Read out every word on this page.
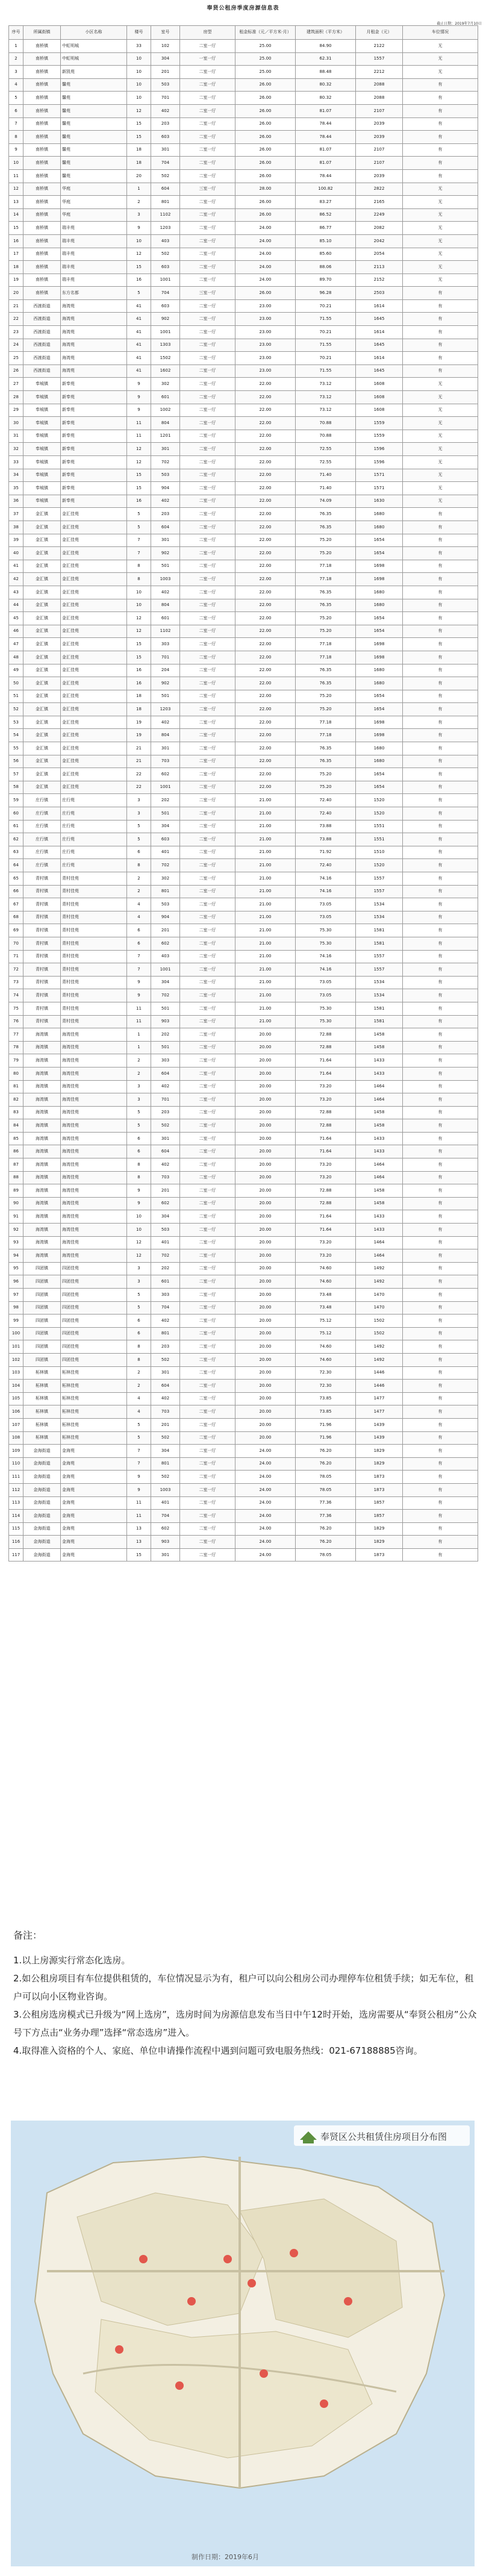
奉贤公租房季度房源信息表
截止日期：2019年7月10日
序号	所属街镇	小区名称	楼号	室号	房型	租金标准（元／平方米·月）	建筑面积（平方米）	月租金（元）	车位情况
1	南桥镇	中虹明城	33	102	二室一厅	25.00	84.90	2122	无
2	南桥镇	中虹明城	10	304	一室一厅	25.00	62.31	1557	无
3	南桥镇	新凯苑	10	201	二室一厅	25.00	88.48	2212	无
4	南桥镇	馨苑	10	503	二室一厅	26.00	80.32	2088	有
5	南桥镇	馨苑	10	701	二室一厅	26.00	80.32	2088	有
6	南桥镇	馨苑	12	402	二室一厅	26.00	81.07	2107	有
7	南桥镇	馨苑	15	203	二室一厅	26.00	78.44	2039	有
8	南桥镇	馨苑	15	603	二室一厅	26.00	78.44	2039	有
9	南桥镇	馨苑	18	301	二室一厅	26.00	81.07	2107	有
10	南桥镇	馨苑	18	704	二室一厅	26.00	81.07	2107	有
11	南桥镇	馨苑	20	502	二室一厅	26.00	78.44	2039	有
12	南桥镇	华庭	1	604	三室一厅	28.00	100.82	2822	无
13	南桥镇	华庭	2	801	二室一厅	26.00	83.27	2165	无
14	南桥镇	华庭	3	1102	二室一厅	26.00	86.52	2249	无
15	南桥镇	瑞丰苑	9	1203	二室一厅	24.00	86.77	2082	无
16	南桥镇	瑞丰苑	10	403	二室一厅	24.00	85.10	2042	无
17	南桥镇	瑞丰苑	12	502	二室一厅	24.00	85.60	2054	无
18	南桥镇	瑞丰苑	15	603	二室一厅	24.00	88.06	2113	无
19	南桥镇	瑞丰苑	16	1001	二室一厅	24.00	89.70	2152	无
20	南桥镇	东方名都	5	704	三室一厅	26.00	96.28	2503	有
21	西渡街道	海湾苑	41	603	二室一厅	23.00	70.21	1614	有
22	西渡街道	海湾苑	41	902	二室一厅	23.00	71.55	1645	有
23	西渡街道	海湾苑	41	1001	二室一厅	23.00	70.21	1614	有
24	西渡街道	海湾苑	41	1303	二室一厅	23.00	71.55	1645	有
25	西渡街道	海湾苑	41	1502	二室一厅	23.00	70.21	1614	有
26	西渡街道	海湾苑	41	1602	二室一厅	23.00	71.55	1645	有
27	奉城镇	新奉苑	9	302	二室一厅	22.00	73.12	1608	无
28	奉城镇	新奉苑	9	601	二室一厅	22.00	73.12	1608	无
29	奉城镇	新奉苑	9	1002	二室一厅	22.00	73.12	1608	无
30	奉城镇	新奉苑	11	804	二室一厅	22.00	70.88	1559	无
31	奉城镇	新奉苑	11	1201	二室一厅	22.00	70.88	1559	无
32	奉城镇	新奉苑	12	301	二室一厅	22.00	72.55	1596	无
33	奉城镇	新奉苑	12	702	二室一厅	22.00	72.55	1596	无
34	奉城镇	新奉苑	15	503	二室一厅	22.00	71.40	1571	无
35	奉城镇	新奉苑	15	904	二室一厅	22.00	71.40	1571	无
36	奉城镇	新奉苑	16	402	二室一厅	22.00	74.09	1630	无
37	金汇镇	金汇佳苑	5	203	二室一厅	22.00	76.35	1680	有
38	金汇镇	金汇佳苑	5	604	二室一厅	22.00	76.35	1680	有
39	金汇镇	金汇佳苑	7	301	二室一厅	22.00	75.20	1654	有
40	金汇镇	金汇佳苑	7	902	二室一厅	22.00	75.20	1654	有
41	金汇镇	金汇佳苑	8	501	二室一厅	22.00	77.18	1698	有
42	金汇镇	金汇佳苑	8	1003	二室一厅	22.00	77.18	1698	有
43	金汇镇	金汇佳苑	10	402	二室一厅	22.00	76.35	1680	有
44	金汇镇	金汇佳苑	10	804	二室一厅	22.00	76.35	1680	有
45	金汇镇	金汇佳苑	12	601	二室一厅	22.00	75.20	1654	有
46	金汇镇	金汇佳苑	12	1102	二室一厅	22.00	75.20	1654	有
47	金汇镇	金汇佳苑	15	303	二室一厅	22.00	77.18	1698	有
48	金汇镇	金汇佳苑	15	701	二室一厅	22.00	77.18	1698	有
49	金汇镇	金汇佳苑	16	204	二室一厅	22.00	76.35	1680	有
50	金汇镇	金汇佳苑	16	902	二室一厅	22.00	76.35	1680	有
51	金汇镇	金汇佳苑	18	501	二室一厅	22.00	75.20	1654	有
52	金汇镇	金汇佳苑	18	1203	二室一厅	22.00	75.20	1654	有
53	金汇镇	金汇佳苑	19	402	二室一厅	22.00	77.18	1698	有
54	金汇镇	金汇佳苑	19	804	二室一厅	22.00	77.18	1698	有
55	金汇镇	金汇佳苑	21	301	二室一厅	22.00	76.35	1680	有
56	金汇镇	金汇佳苑	21	703	二室一厅	22.00	76.35	1680	有
57	金汇镇	金汇佳苑	22	602	二室一厅	22.00	75.20	1654	有
58	金汇镇	金汇佳苑	22	1001	二室一厅	22.00	75.20	1654	有
59	庄行镇	庄行苑	3	202	二室一厅	21.00	72.40	1520	有
60	庄行镇	庄行苑	3	501	二室一厅	21.00	72.40	1520	有
61	庄行镇	庄行苑	5	304	二室一厅	21.00	73.88	1551	有
62	庄行镇	庄行苑	5	603	二室一厅	21.00	73.88	1551	有
63	庄行镇	庄行苑	6	401	二室一厅	21.00	71.92	1510	有
64	庄行镇	庄行苑	8	702	二室一厅	21.00	72.40	1520	有
65	青村镇	青村佳苑	2	302	二室一厅	21.00	74.16	1557	有
66	青村镇	青村佳苑	2	801	二室一厅	21.00	74.16	1557	有
67	青村镇	青村佳苑	4	503	二室一厅	21.00	73.05	1534	有
68	青村镇	青村佳苑	4	904	二室一厅	21.00	73.05	1534	有
69	青村镇	青村佳苑	6	201	二室一厅	21.00	75.30	1581	有
70	青村镇	青村佳苑	6	602	二室一厅	21.00	75.30	1581	有
71	青村镇	青村佳苑	7	403	二室一厅	21.00	74.16	1557	有
72	青村镇	青村佳苑	7	1001	二室一厅	21.00	74.16	1557	有
73	青村镇	青村佳苑	9	304	二室一厅	21.00	73.05	1534	有
74	青村镇	青村佳苑	9	702	二室一厅	21.00	73.05	1534	有
75	青村镇	青村佳苑	11	501	二室一厅	21.00	75.30	1581	有
76	青村镇	青村佳苑	11	903	二室一厅	21.00	75.30	1581	有
77	海湾镇	海湾佳苑	1	202	二室一厅	20.00	72.88	1458	有
78	海湾镇	海湾佳苑	1	501	二室一厅	20.00	72.88	1458	有
79	海湾镇	海湾佳苑	2	303	二室一厅	20.00	71.64	1433	有
80	海湾镇	海湾佳苑	2	604	二室一厅	20.00	71.64	1433	有
81	海湾镇	海湾佳苑	3	402	二室一厅	20.00	73.20	1464	有
82	海湾镇	海湾佳苑	3	701	二室一厅	20.00	73.20	1464	有
83	海湾镇	海湾佳苑	5	203	二室一厅	20.00	72.88	1458	有
84	海湾镇	海湾佳苑	5	502	二室一厅	20.00	72.88	1458	有
85	海湾镇	海湾佳苑	6	301	二室一厅	20.00	71.64	1433	有
86	海湾镇	海湾佳苑	6	604	二室一厅	20.00	71.64	1433	有
87	海湾镇	海湾佳苑	8	402	二室一厅	20.00	73.20	1464	有
88	海湾镇	海湾佳苑	8	703	二室一厅	20.00	73.20	1464	有
89	海湾镇	海湾佳苑	9	201	二室一厅	20.00	72.88	1458	有
90	海湾镇	海湾佳苑	9	602	二室一厅	20.00	72.88	1458	有
91	海湾镇	海湾佳苑	10	304	二室一厅	20.00	71.64	1433	有
92	海湾镇	海湾佳苑	10	503	二室一厅	20.00	71.64	1433	有
93	海湾镇	海湾佳苑	12	401	二室一厅	20.00	73.20	1464	有
94	海湾镇	海湾佳苑	12	702	二室一厅	20.00	73.20	1464	有
95	四团镇	四团佳苑	3	202	二室一厅	20.00	74.60	1492	有
96	四团镇	四团佳苑	3	601	二室一厅	20.00	74.60	1492	有
97	四团镇	四团佳苑	5	303	二室一厅	20.00	73.48	1470	有
98	四团镇	四团佳苑	5	704	二室一厅	20.00	73.48	1470	有
99	四团镇	四团佳苑	6	402	二室一厅	20.00	75.12	1502	有
100	四团镇	四团佳苑	6	801	二室一厅	20.00	75.12	1502	有
101	四团镇	四团佳苑	8	203	二室一厅	20.00	74.60	1492	有
102	四团镇	四团佳苑	8	502	二室一厅	20.00	74.60	1492	有
103	柘林镇	柘林佳苑	2	301	二室一厅	20.00	72.30	1446	有
104	柘林镇	柘林佳苑	2	604	二室一厅	20.00	72.30	1446	有
105	柘林镇	柘林佳苑	4	402	二室一厅	20.00	73.85	1477	有
106	柘林镇	柘林佳苑	4	703	二室一厅	20.00	73.85	1477	有
107	柘林镇	柘林佳苑	5	201	二室一厅	20.00	71.96	1439	有
108	柘林镇	柘林佳苑	5	502	二室一厅	20.00	71.96	1439	有
109	金海街道	金海苑	7	304	二室一厅	24.00	76.20	1829	有
110	金海街道	金海苑	7	801	二室一厅	24.00	76.20	1829	有
111	金海街道	金海苑	9	502	二室一厅	24.00	78.05	1873	有
112	金海街道	金海苑	9	1003	二室一厅	24.00	78.05	1873	有
113	金海街道	金海苑	11	401	二室一厅	24.00	77.36	1857	有
114	金海街道	金海苑	11	704	二室一厅	24.00	77.36	1857	有
115	金海街道	金海苑	13	602	二室一厅	24.00	76.20	1829	有
116	金海街道	金海苑	13	903	二室一厅	24.00	76.20	1829	有
117	金海街道	金海苑	15	301	二室一厅	24.00	78.05	1873	有

备注：

1.以上房源实行常态化选房。

2.如公租房项目有车位提供租赁的，车位情况显示为有，租户可以向公租房公司办理停车位租赁手续；如无车位，租户可以向小区物业咨询。

3.公租房选房模式已升级为“网上选房”，选房时间为房源信息发布当日中午12时开始，选房需要从“奉贤公租房”公众号下方点击“业务办理”选择“常态选房”进入。

4.取得准入资格的个人、家庭、单位申请操作流程中遇到问题可致电服务热线：021-67188885咨询。

奉贤区公共租赁住房项目分布图
制作日期：2019年6月
